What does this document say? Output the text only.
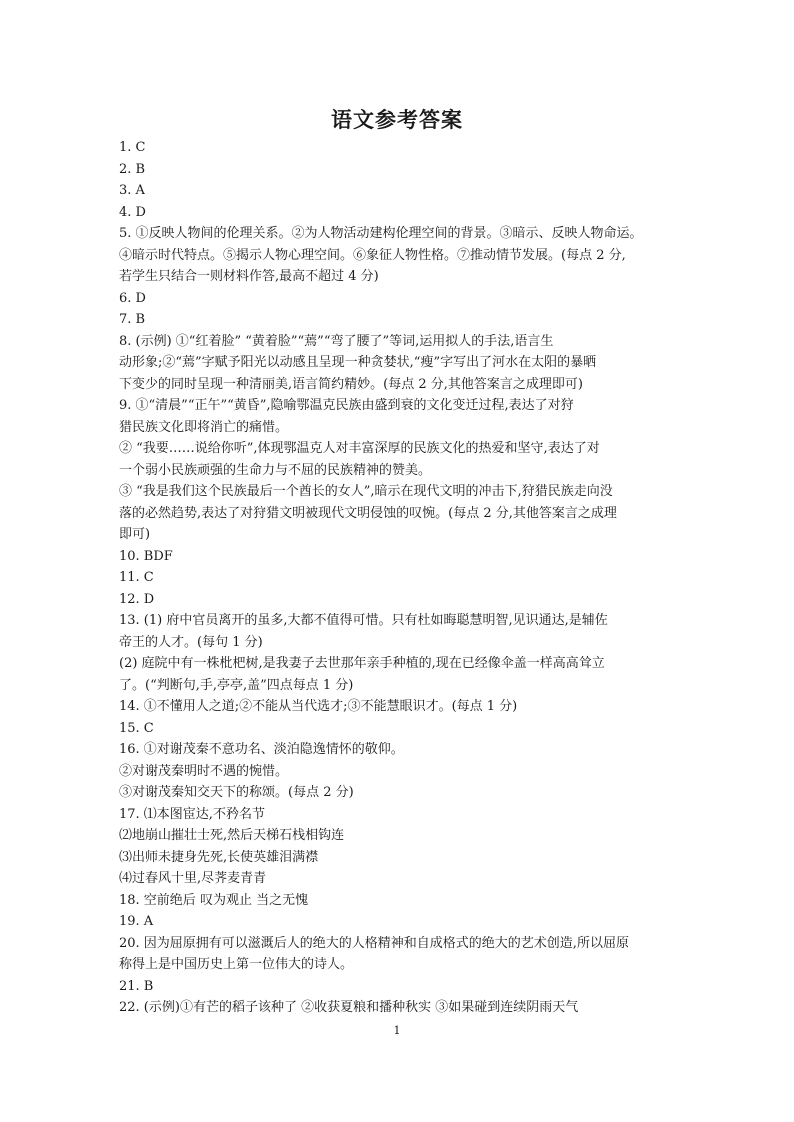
语文参考答案
1. C
2. B
3. A
4. D
5. ①反映人物间的伦理关系。②为人物活动建构伦理空间的背景。③暗示、反映人物命运。
④暗示时代特点。⑤揭示人物心理空间。⑥象征人物性格。⑦推动情节发展。(每点 2 分,
若学生只结合一则材料作答,最高不超过 4 分)
6. D
7. B
8. (示例) ①“红着脸” “黄着脸”“蔫”“弯了腰了”等词,运用拟人的手法,语言生
动形象;②“蔫”字赋予阳光以动感且呈现一种贪婪状,“瘦”字写出了河水在太阳的暴晒
下变少的同时呈现一种清丽美,语言简约精妙。(每点 2 分,其他答案言之成理即可)
9. ①“清晨”“正午”“黄昏”,隐喻鄂温克民族由盛到衰的文化变迁过程,表达了对狩
猎民族文化即将消亡的痛惜。
② “我要……说给你听”,体现鄂温克人对丰富深厚的民族文化的热爱和坚守,表达了对
一个弱小民族顽强的生命力与不屈的民族精神的赞美。
③ “我是我们这个民族最后一个酋长的女人”,暗示在现代文明的冲击下,狩猎民族走向没
落的必然趋势,表达了对狩猎文明被现代文明侵蚀的叹惋。(每点 2 分,其他答案言之成理
即可)
10. BDF
11. C
12. D
13. (1) 府中官员离开的虽多,大都不值得可惜。只有杜如晦聪慧明智,见识通达,是辅佐
帝王的人才。(每句 1 分)
(2) 庭院中有一株枇杷树,是我妻子去世那年亲手种植的,现在已经像伞盖一样高高耸立
了。(“判断句,手,亭亭,盖”四点每点 1 分)
14. ①不懂用人之道;②不能从当代选才;③不能慧眼识才。(每点 1 分)
15. C
16. ①对谢茂秦不意功名、淡泊隐逸情怀的敬仰。
②对谢茂秦明时不遇的惋惜。
③对谢茂秦知交天下的称颂。(每点 2 分)
17. ⑴本图宦达,不矜名节
⑵地崩山摧壮士死,然后天梯石栈相钩连
⑶出师未捷身先死,长使英雄泪满襟
⑷过春风十里,尽荠麦青青
18. 空前绝后 叹为观止 当之无愧
19. A
20. 因为屈原拥有可以滋溉后人的绝大的人格精神和自成格式的绝大的艺术创造,所以屈原
称得上是中国历史上第一位伟大的诗人。
21. B
22. (示例)①有芒的稻子该种了 ②收获夏粮和播种秋实 ③如果碰到连续阴雨天气
1
